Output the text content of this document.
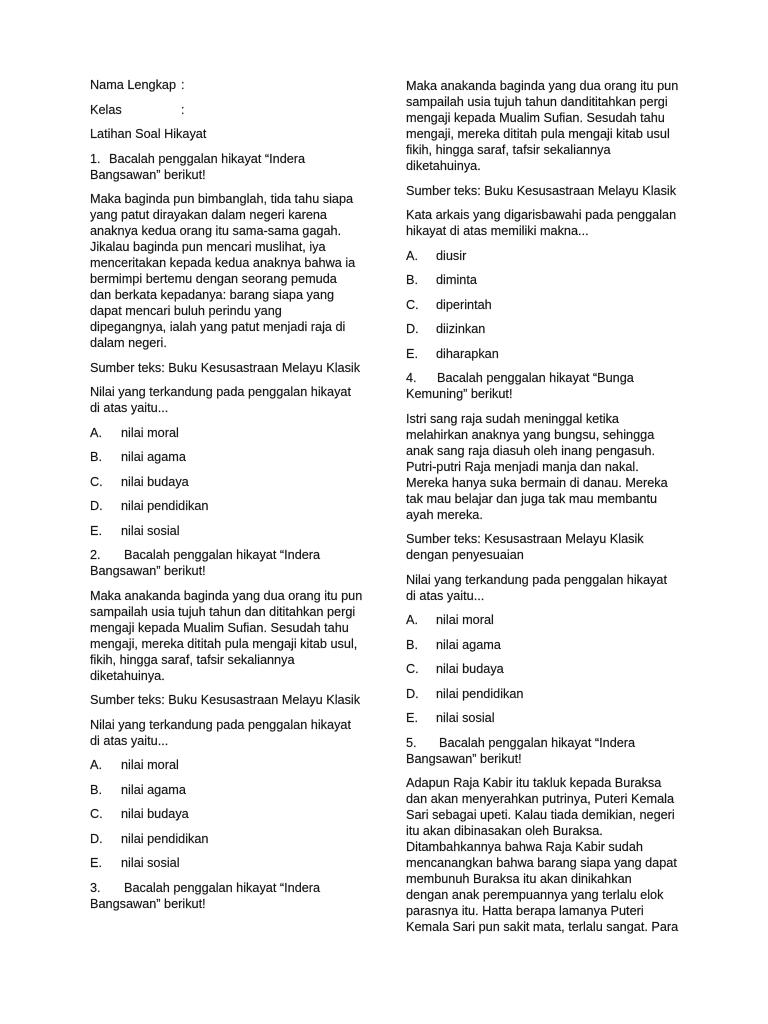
Nama Lengkap :
Kelas	:
Latihan Soal Hikayat
1. Bacalah penggalan hikayat “Indera
Bangsawan” berikut!
Maka baginda pun bimbanglah, tida tahu siapa
yang patut dirayakan dalam negeri karena
anaknya kedua orang itu sama-sama gagah.
Jikalau baginda pun mencari muslihat, iya
menceritakan kepada kedua anaknya bahwa ia
bermimpi bertemu dengan seorang pemuda
dan berkata kepadanya: barang siapa yang
dapat mencari buluh perindu yang
dipegangnya, ialah yang patut menjadi raja di
dalam negeri.
Sumber teks: Buku Kesusastraan Melayu Klasik
Nilai yang terkandung pada penggalan hikayat
di atas yaitu...
A. nilai moral
B. nilai agama
C. nilai budaya
D. nilai pendidikan
E. nilai sosial
2. Bacalah penggalan hikayat “Indera
Bangsawan” berikut!
Maka anakanda baginda yang dua orang itu pun
sampailah usia tujuh tahun dan dititahkan pergi
mengaji kepada Mualim Sufian. Sesudah tahu
mengaji, mereka dititah pula mengaji kitab usul,
fikih, hingga saraf, tafsir sekaliannya
diketahuinya.
Sumber teks: Buku Kesusastraan Melayu Klasik
Nilai yang terkandung pada penggalan hikayat
di atas yaitu...
A. nilai moral
B. nilai agama
C. nilai budaya
D. nilai pendidikan
E. nilai sosial
3. Bacalah penggalan hikayat “Indera
Bangsawan” berikut!
Maka anakanda baginda yang dua orang itu pun
sampailah usia tujuh tahun dandititahkan pergi
mengaji kepada Mualim Sufian. Sesudah tahu
mengaji, mereka dititah pula mengaji kitab usul
fikih, hingga saraf, tafsir sekaliannya
diketahuinya.
Sumber teks: Buku Kesusastraan Melayu Klasik
Kata arkais yang digarisbawahi pada penggalan
hikayat di atas memiliki makna...
A. diusir
B. diminta
C. diperintah
D. diizinkan
E. diharapkan
4. Bacalah penggalan hikayat “Bunga
Kemuning” berikut!
Istri sang raja sudah meninggal ketika
melahirkan anaknya yang bungsu, sehingga
anak sang raja diasuh oleh inang pengasuh.
Putri-putri Raja menjadi manja dan nakal.
Mereka hanya suka bermain di danau. Mereka
tak mau belajar dan juga tak mau membantu
ayah mereka.
Sumber teks: Kesusastraan Melayu Klasik
dengan penyesuaian
Nilai yang terkandung pada penggalan hikayat
di atas yaitu...
A. nilai moral
B. nilai agama
C. nilai budaya
D. nilai pendidikan
E. nilai sosial
5. Bacalah penggalan hikayat “Indera
Bangsawan” berikut!
Adapun Raja Kabir itu takluk kepada Buraksa
dan akan menyerahkan putrinya, Puteri Kemala
Sari sebagai upeti. Kalau tiada demikian, negeri
itu akan dibinasakan oleh Buraksa.
Ditambahkannya bahwa Raja Kabir sudah
mencanangkan bahwa barang siapa yang dapat
membunuh Buraksa itu akan dinikahkan
dengan anak perempuannya yang terlalu elok
parasnya itu. Hatta berapa lamanya Puteri
Kemala Sari pun sakit mata, terlalu sangat. Para
